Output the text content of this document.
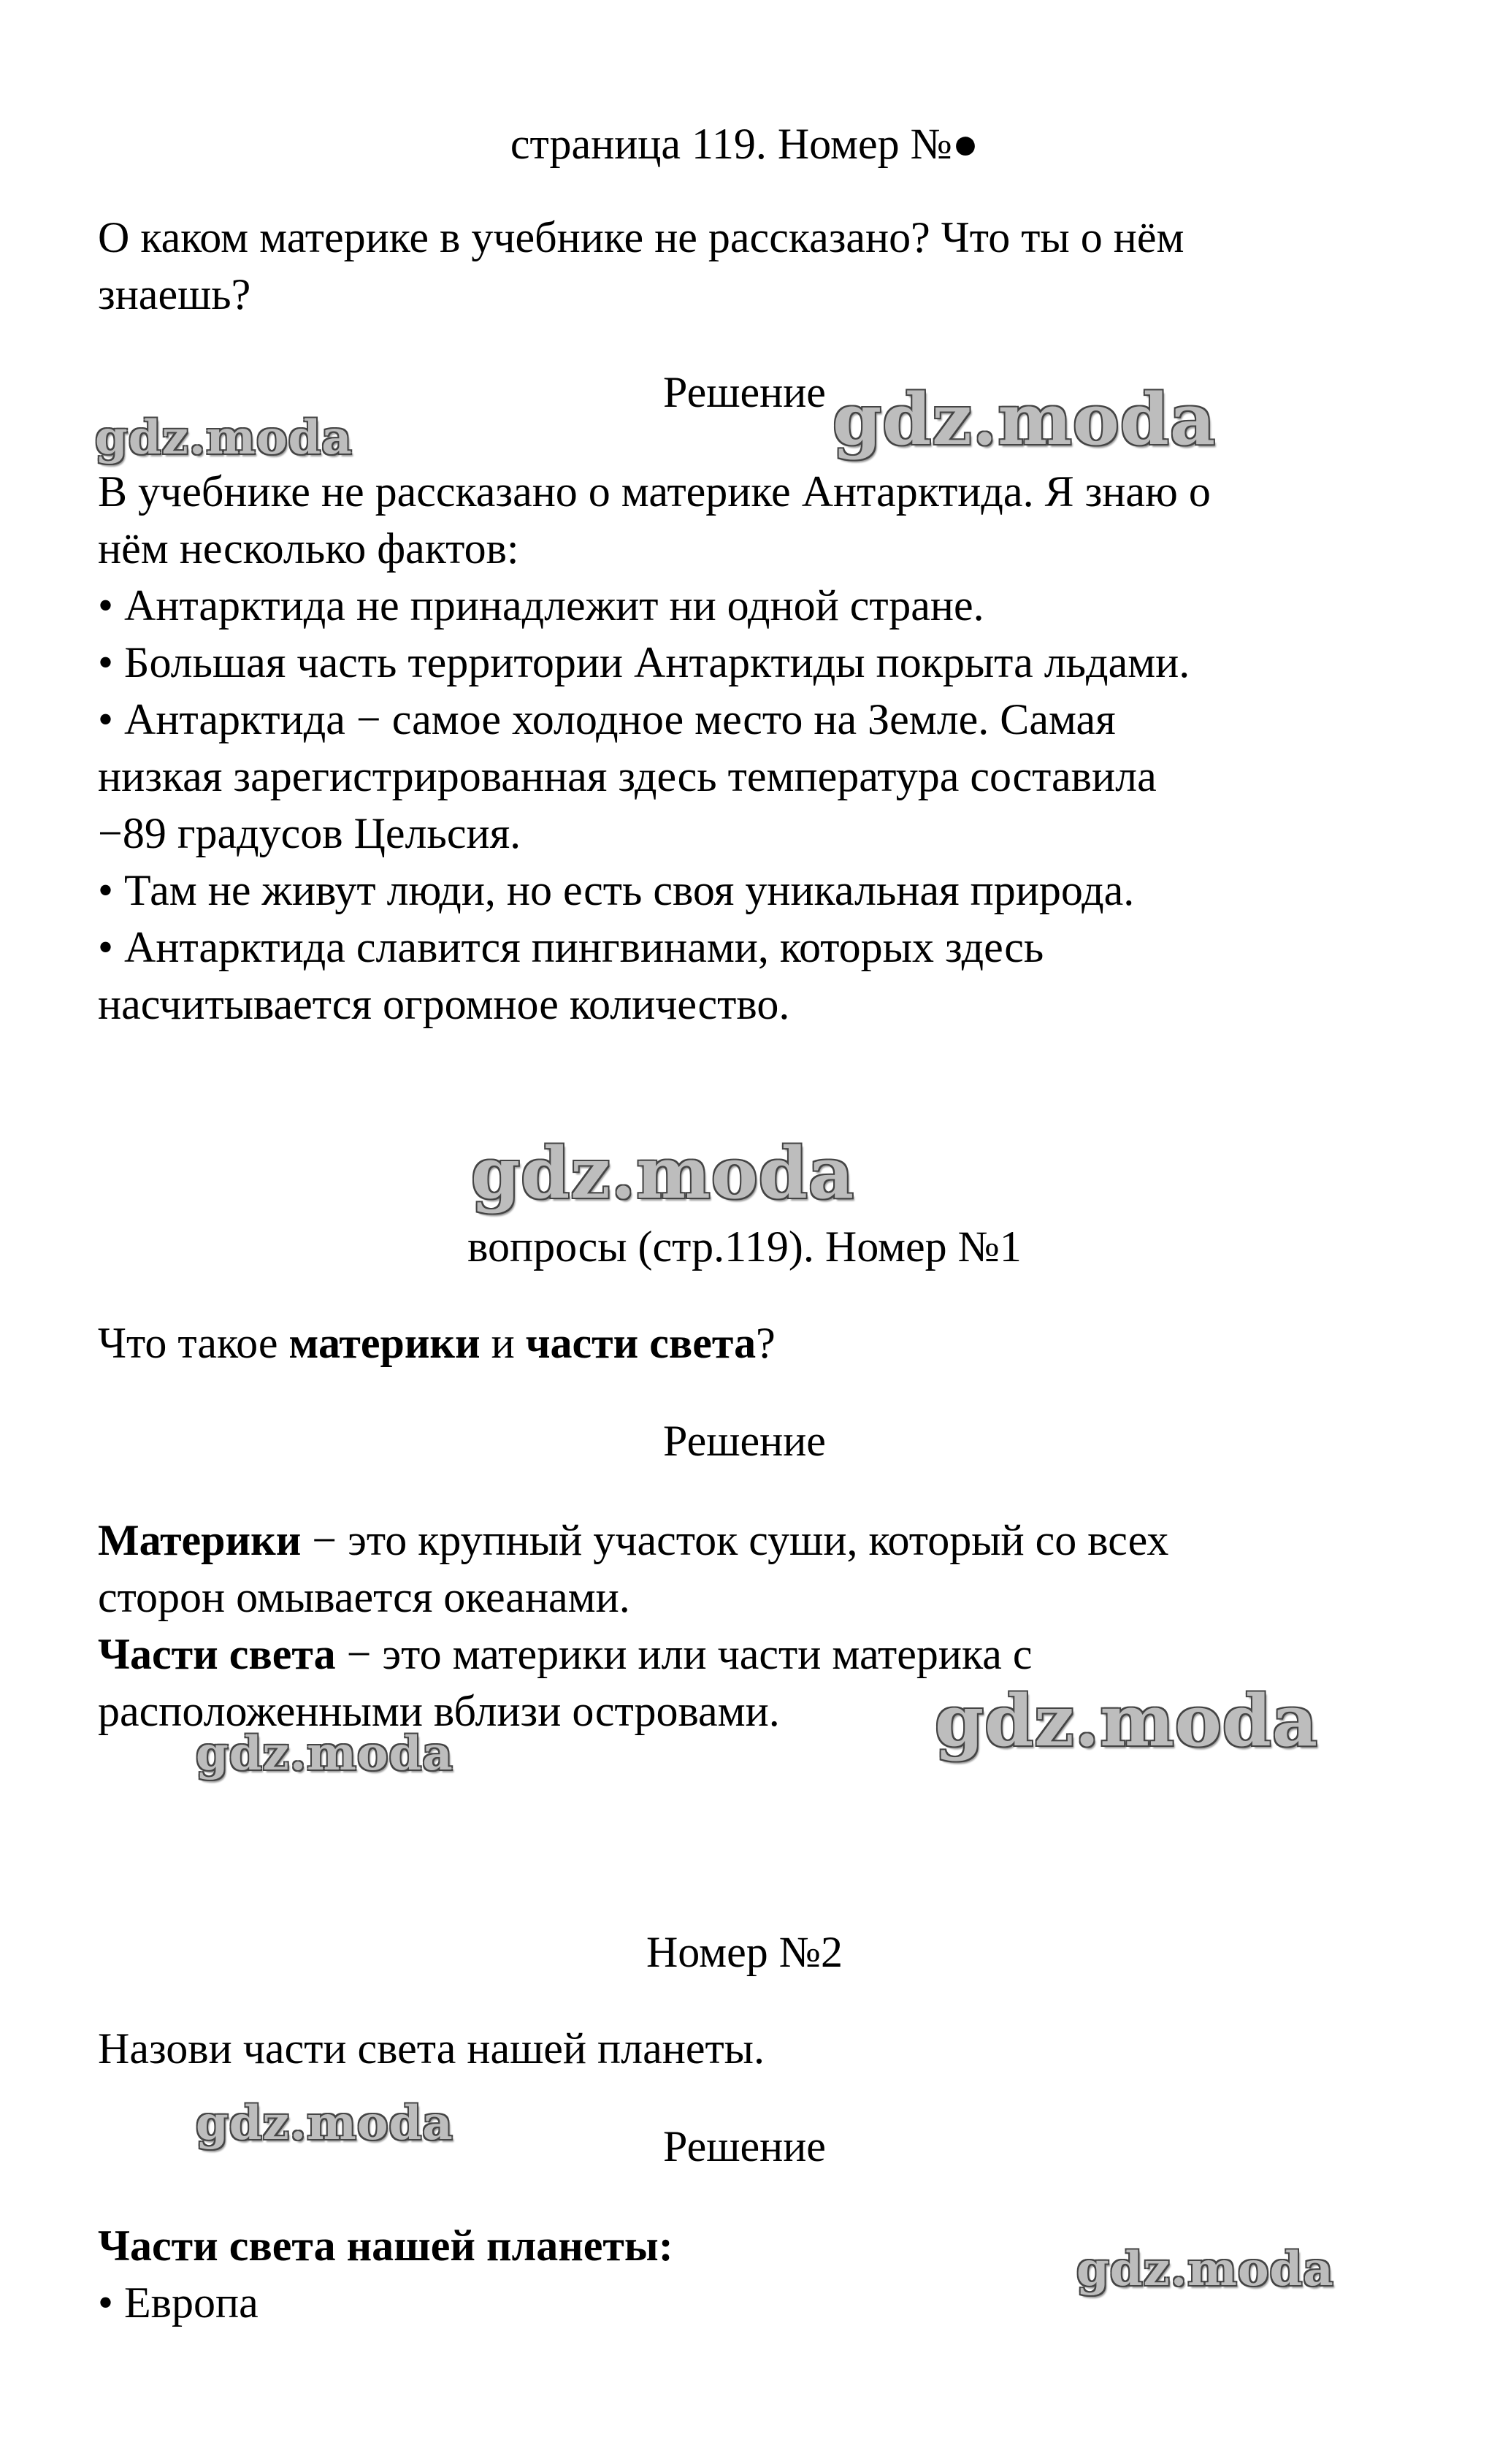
страница 119. Номер №●

О каком материке в учебнике не рассказано? Что ты о нём

знаешь?

Решение

В учебнике не рассказано о материке Антарктида. Я знаю о

нём несколько фактов:

• Антарктида не принадлежит ни одной стране.

• Большая часть территории Антарктиды покрыта льдами.

• Антарктида − самое холодное место на Земле. Самая

низкая зарегистрированная здесь температура составила

−89 градусов Цельсия.

• Там не живут люди, но есть своя уникальная природа.

• Антарктида славится пингвинами, которых здесь

насчитывается огромное количество.

вопросы (стр.119). Номер №1

Что такое материки и части света?

Решение

Материки − это крупный участок суши, который со всех

сторон омывается океанами.

Части света − это материки или части материка с

расположенными вблизи островами.

Номер №2

Назови части света нашей планеты.

Решение

Части света нашей планеты:

• Европа

gdz.moda	gdz.moda
gdz.moda
gdz.moda
gdz.moda
gdz.moda
gdz.moda
